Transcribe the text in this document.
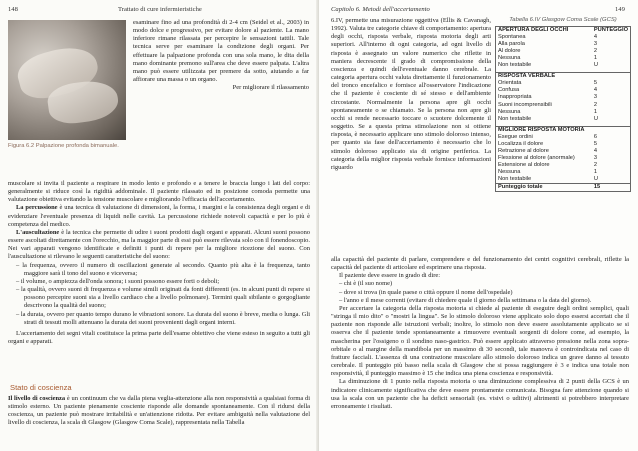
148	Trattato di cure infermieristiche
Figura 6.2 Palpazione profonda bimanuale.

esaminare fino ad una profondità di 2-4 cm (Seidel et al., 2003) in modo dolce e progressivo, per evitare dolore al paziente. La mano inferiore rimane rilassata per percepire le sensazioni tattili. Tale tecnica serve per esaminare la condizione degli organi. Per effettuare la palpazione profonda con una sola mano, le dita della mano dominante premono sull'area che deve essere palpata. L'altra mano può essere utilizzata per premere da sotto, aiutando a far affiorare una massa o un organo.

Per migliorare il rilassamento

muscolare si invita il paziente a respirare in modo lento e profondo e a tenere le braccia lungo i lati del corpo: generalmente si riduce così la rigidità addominale. Il paziente rilassato ed in posizione comoda permette una valutazione obiettiva evitando la tensione muscolare e migliorando l'efficacia dell'accertamento.

La percussione è una tecnica di valutazione di dimensioni, la forma, i margini e la consistenza degli organi e di evidenziare l'eventuale presenza di liquidi nelle cavità. La percussione richiede notevoli capacità e per lo più è competenza del medico.

L'auscultazione è la tecnica che permette di udire i suoni prodotti dagli organi e apparati. Alcuni suoni possono essere ascoltati direttamente con l'orecchio, ma la maggior parte di essi può essere rilevata solo con il fonendoscopio. Nei vari apparati vengono identificate e definiti i punti di repere per la migliore ricezione del suono. Con l'auscultazione si rilevano le seguenti caratteristiche del suono:

– la frequenza, ovvero il numero di oscillazioni generate al secondo. Quanto più alta è la frequenza, tanto maggiore sarà il tono del suono e viceversa;
– il volume, o ampiezza dell'onda sonora; i suoni possono essere forti o deboli;
– la qualità, ovvero suoni di frequenza e volume simili originati da fonti differenti (es. in alcuni punti di repere si possono percepire suoni sia a livello cardiaco che a livello polmonare). Termini quali sibilante o gorgogliante descrivono la qualità del suono;
– la durata, ovvero per quanto tempo durano le vibrazioni sonore. La durata del suono è breve, media o lunga. Gli strati di tessuti molli attenuano la durata dei suoni provenienti dagli organi interni.

L'accertamento dei segni vitali costituisce la prima parte dell'esame obiettivo che viene esteso in seguito a tutti gli organi e apparati.

Stato di coscienza

Il livello di coscienza è un continuum che va dalla piena veglia-attenzione alla non responsività a qualsiasi forma di stimolo esterno. Un paziente pienamente cosciente risponde alle domande spontaneamente. Con il ridursi della coscienza, un paziente può mostrare irritabilità e un'attenzione ridotta. Per evitare ambiguità nella valutazione del livello di coscienza, la scala di Glasgow (Glasgow Coma Scale), rappresentata nella Tabella

Capitolo 6. Metodi dell'accertamento	149

6.IV, permette una misurazione oggettiva (Ellis & Cavanagh, 1992). Valuta tre categorie chiave di comportamento: apertura degli occhi, risposta verbale, risposta motoria degli arti superiori. All'interno di ogni categoria, ad ogni livello di risposta è assegnato un valore numerico che riflette in maniera decrescente il grado di compromissione della coscienza e quindi dell'eventuale danno cerebrale. La categoria apertura occhi valuta direttamente il funzionamento del tronco encefalico e fornisce all'osservatore l'indicazione che il paziente è cosciente di sé stesso e dell'ambiente circostante. Normalmente la persona apre gli occhi spontaneamente o se chiamato. Se la persona non apre gli occhi si rende necessario toccare o scuotere dolcemente il soggetto. Se a questa prima stimolazione non si ottiene risposta, è necessario applicare uno stimolo doloroso intenso, per quanto sia fase dell'accertamento è necessario che lo stimolo doloroso applicato sia di origine periferica. La categoria della miglior risposta verbale fornisce informazioni riguardo

Tabella 6.IV Glasgow Coma Scale (GCS)
APERTURA DEGLI OCCHI	PUNTEGGIO
Spontanea	4
Alla parola	3
Al dolore	2
Nessuna	1
Non testabile	U

RISPOSTA VERBALE	
Orientata	5
Confusa	4
Inappropriata	3
Suoni incomprensibili	2
Nessuna	1
Non testabile	U

MIGLIORE RISPOSTA MOTORIA	
Esegue ordini	6
Localizza il dolore	5
Retrazione al dolore	4
Flessione al dolore (anormale)	3
Estensione al dolore	2
Nessuna	1
Non testabile	U
Punteggio totale	15

alla capacità del paziente di parlare, comprendere e del funzionamento dei centri cognitivi cerebrali, riflette la capacità del paziente di articolare ed esprimere una risposta.

Il paziente deve essere in grado di dire:

– chi è (il suo nome)
– dove si trova (in quale paese o città oppure il nome dell'ospedale)
– l'anno e il mese correnti (evitare di chiedere quale il giorno della settimana o la data del giorno).

Per accertare la categoria della risposta motoria si chiede al paziente di eseguire degli ordini semplici, quali "stringa il mio dito" o "mostri la lingua". Se lo stimolo doloroso viene applicato solo dopo essersi accertati che il paziente non risponde alle istruzioni verbali; inoltre, lo stimolo non deve essere assolutamente applicato se si osserva che il paziente tende spontaneamente a rimuovere eventuali sorgenti di dolore come, ad esempio, la mascherina per l'ossigeno o il sondino naso-gastrico. Può essere applicato attraverso pressione nella zona sopra-orbitale o al margine della mandibola per un massimo di 30 secondi, tale manovra è controindicata nel caso di fratture facciali. L'assenza di una contrazione muscolare allo stimolo doloroso indica un grave danno al tessuto cerebrale. Il punteggio più basso nella scala di Glasgow che si possa raggiungere è 3 e indica una totale non responsività, il punteggio massimo è 15 che indica una piena coscienza e responsività.

La diminuzione di 1 punto nella risposta motoria o una diminuzione complessiva di 2 punti della GCS è un indicatore clinicamente significativa che deve essere prontamente comunicata. Bisogna fare attenzione quando si usa la scala con un paziente che ha deficit sensoriali (es. visivi o uditivi) altrimenti si potrebbero interpretare erroneamente i risultati.
